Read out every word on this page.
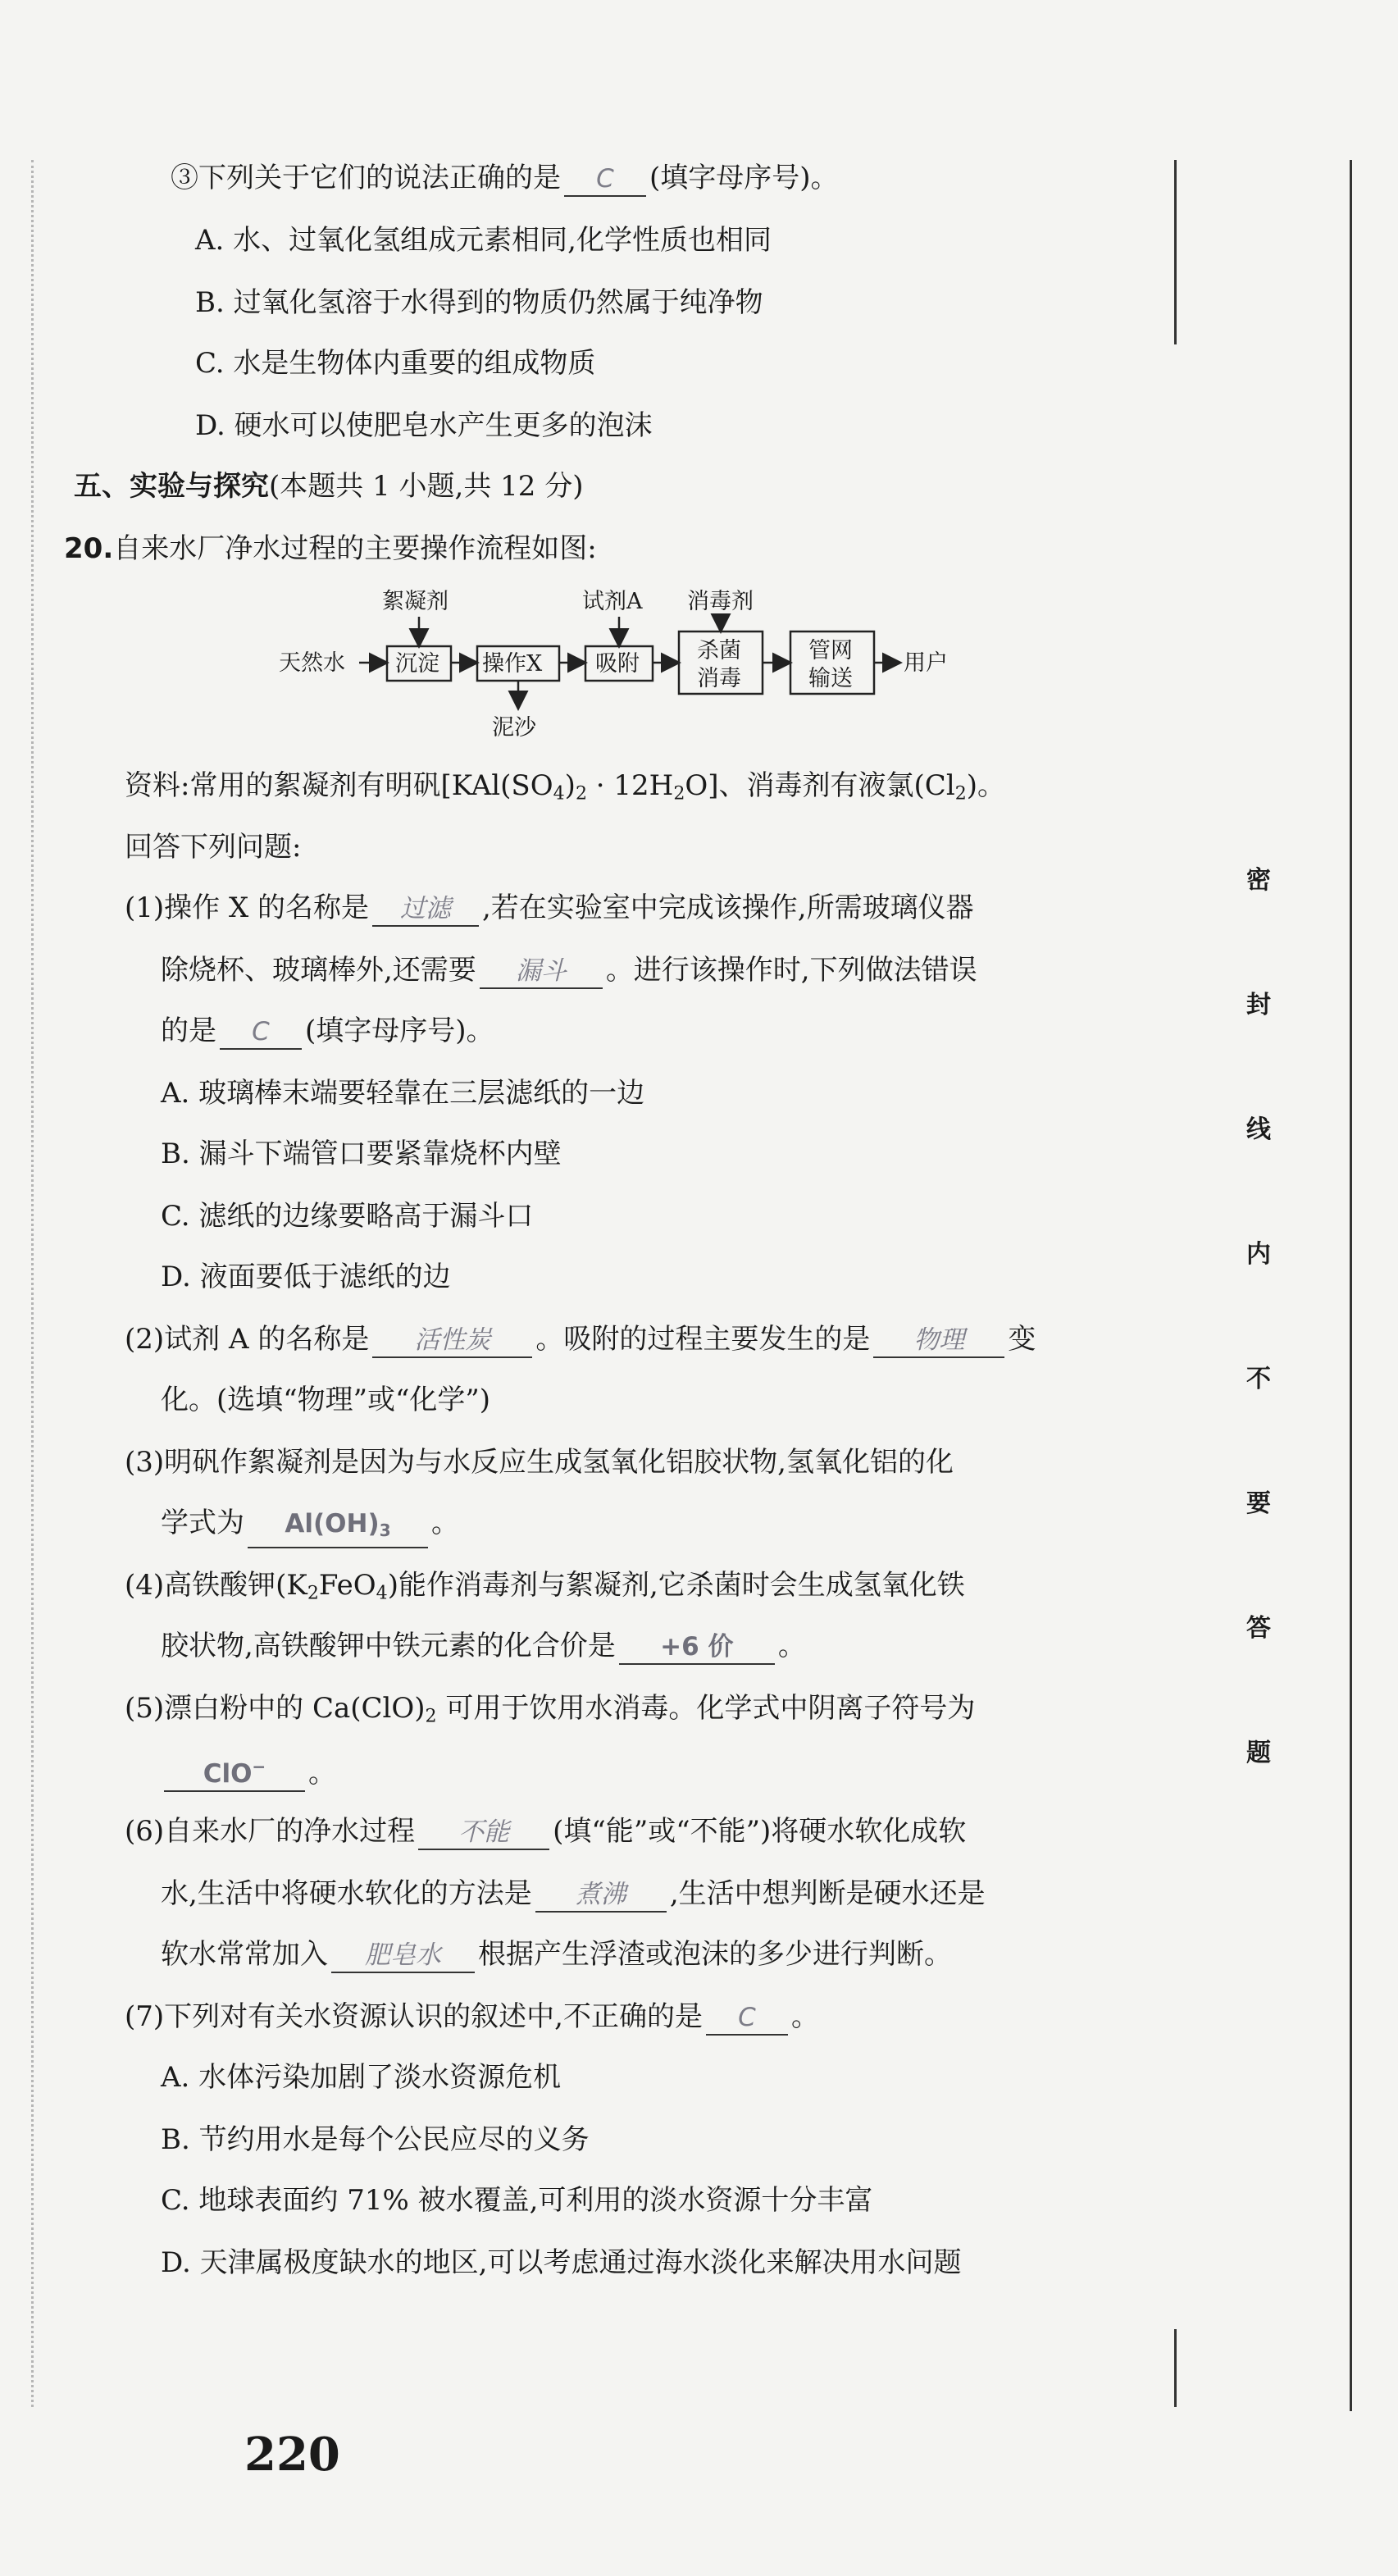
密
封
线
内
不
要
答
题
③下列关于它们的说法正确的是 C (填字母序号)。
A. 水、过氧化氢组成元素相同,化学性质也相同
B. 过氧化氢溶于水得到的物质仍然属于纯净物
C. 水是生物体内重要的组成物质
D. 硬水可以使肥皂水产生更多的泡沫
五、实验与探究(本题共 1 小题,共 12 分)
20.自来水厂净水过程的主要操作流程如图:
天然水 沉淀 操作X 吸附
杀菌
消毒
管网
输送
用户
絮凝剂	试剂A 消毒剂
泥沙
资料:常用的絮凝剂有明矾$[KAl(SO_4)_2 \cdot 12H_2O]$、消毒剂有液氯$(Cl_2)$。
回答下列问题:
(1)操作 X 的名称是 过滤 ,若在实验室中完成该操作,所需玻璃仪器
除烧杯、玻璃棒外,还需要 漏斗 。进行该操作时,下列做法错误
的是 C (填字母序号)。
A. 玻璃棒末端要轻靠在三层滤纸的一边
B. 漏斗下端管口要紧靠烧杯内壁
C. 滤纸的边缘要略高于漏斗口
D. 液面要低于滤纸的边
(2)试剂 A 的名称是 活性炭 。吸附的过程主要发生的是 物理 变
化。(选填“物理”或“化学”)
(3)明矾作絮凝剂是因为与水反应生成氢氧化铝胶状物,氢氧化铝的化
学式为 $Al(OH)_3$ 。
(4)高铁酸钾$(K_2FeO_4)$能作消毒剂与絮凝剂,它杀菌时会生成氢氧化铁
胶状物,高铁酸钾中铁元素的化合价是 +6 价 。
(5)漂白粉中的 $Ca(ClO)_2$ 可用于饮用水消毒。化学式中阴离子符号为
ClO− 。
(6)自来水厂的净水过程 不能 (填“能”或“不能”)将硬水软化成软
水,生活中将硬水软化的方法是 煮沸 ,生活中想判断是硬水还是
软水常常加入 肥皂水 根据产生浮渣或泡沫的多少进行判断。
(7)下列对有关水资源认识的叙述中,不正确的是 C 。
A. 水体污染加剧了淡水资源危机
B. 节约用水是每个公民应尽的义务
C. 地球表面约 71% 被水覆盖,可利用的淡水资源十分丰富
D. 天津属极度缺水的地区,可以考虑通过海水淡化来解决用水问题
220
